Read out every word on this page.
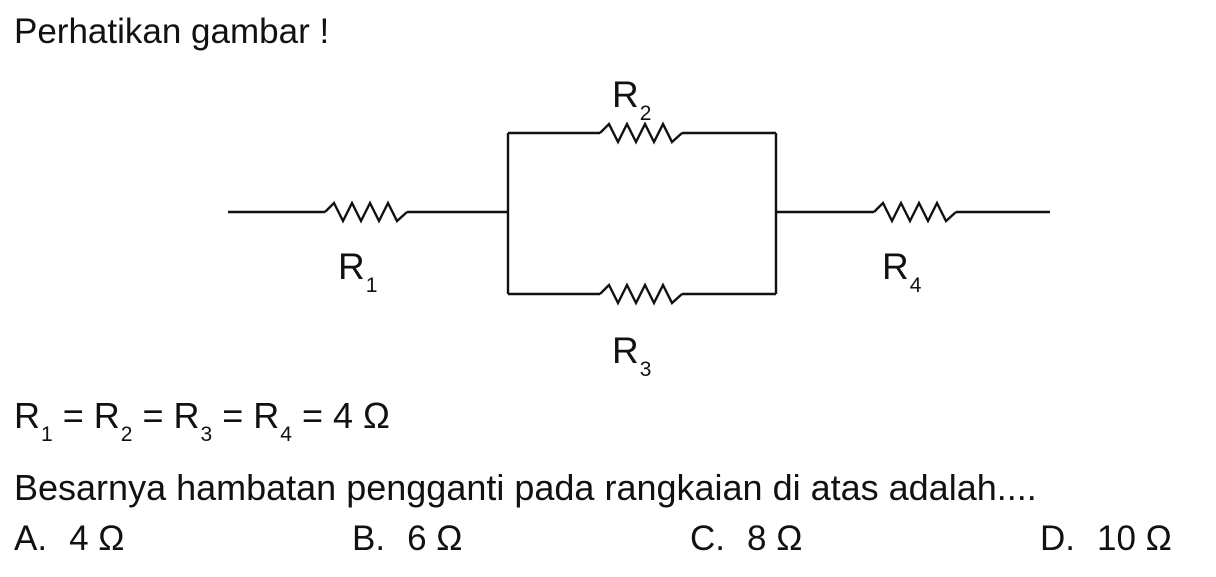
Perhatikan gambar !
$R_2$
$R_1$	$R_4$
$R_3$
$R_1 = R_2 = R_3 = R_4 = 4$ Ω
Besarnya hambatan pengganti pada rangkaian di atas adalah....
A. 4 Ω	B. 6 Ω	C. 8 Ω	D. 10 Ω
